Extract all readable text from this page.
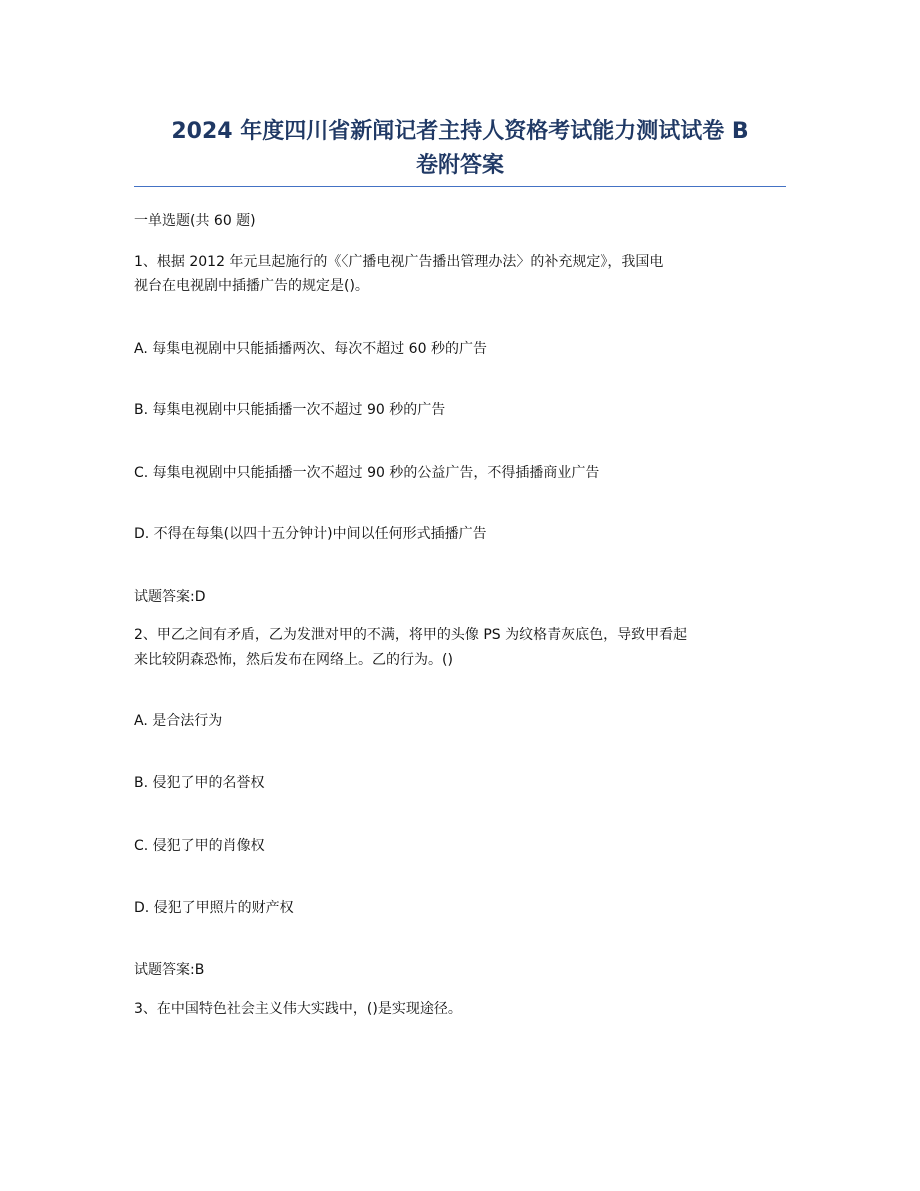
2024 年度四川省新闻记者主持人资格考试能力测试试卷 B
卷附答案
一单选题(共 60 题)
1、根据 2012 年元旦起施行的《〈广播电视广告播出管理办法〉的补充规定》，我国电
视台在电视剧中插播广告的规定是()。
A. 每集电视剧中只能插播两次、每次不超过 60 秒的广告
B. 每集电视剧中只能插播一次不超过 90 秒的广告
C. 每集电视剧中只能插播一次不超过 90 秒的公益广告，不得插播商业广告
D. 不得在每集(以四十五分钟计)中间以任何形式插播广告
试题答案:D
2、甲乙之间有矛盾，乙为发泄对甲的不满，将甲的头像 PS 为纹格青灰底色，导致甲看起
来比较阴森恐怖，然后发布在网络上。乙的行为。()
A. 是合法行为
B. 侵犯了甲的名誉权
C. 侵犯了甲的肖像权
D. 侵犯了甲照片的财产权
试题答案:B
3、在中国特色社会主义伟大实践中，()是实现途径。
